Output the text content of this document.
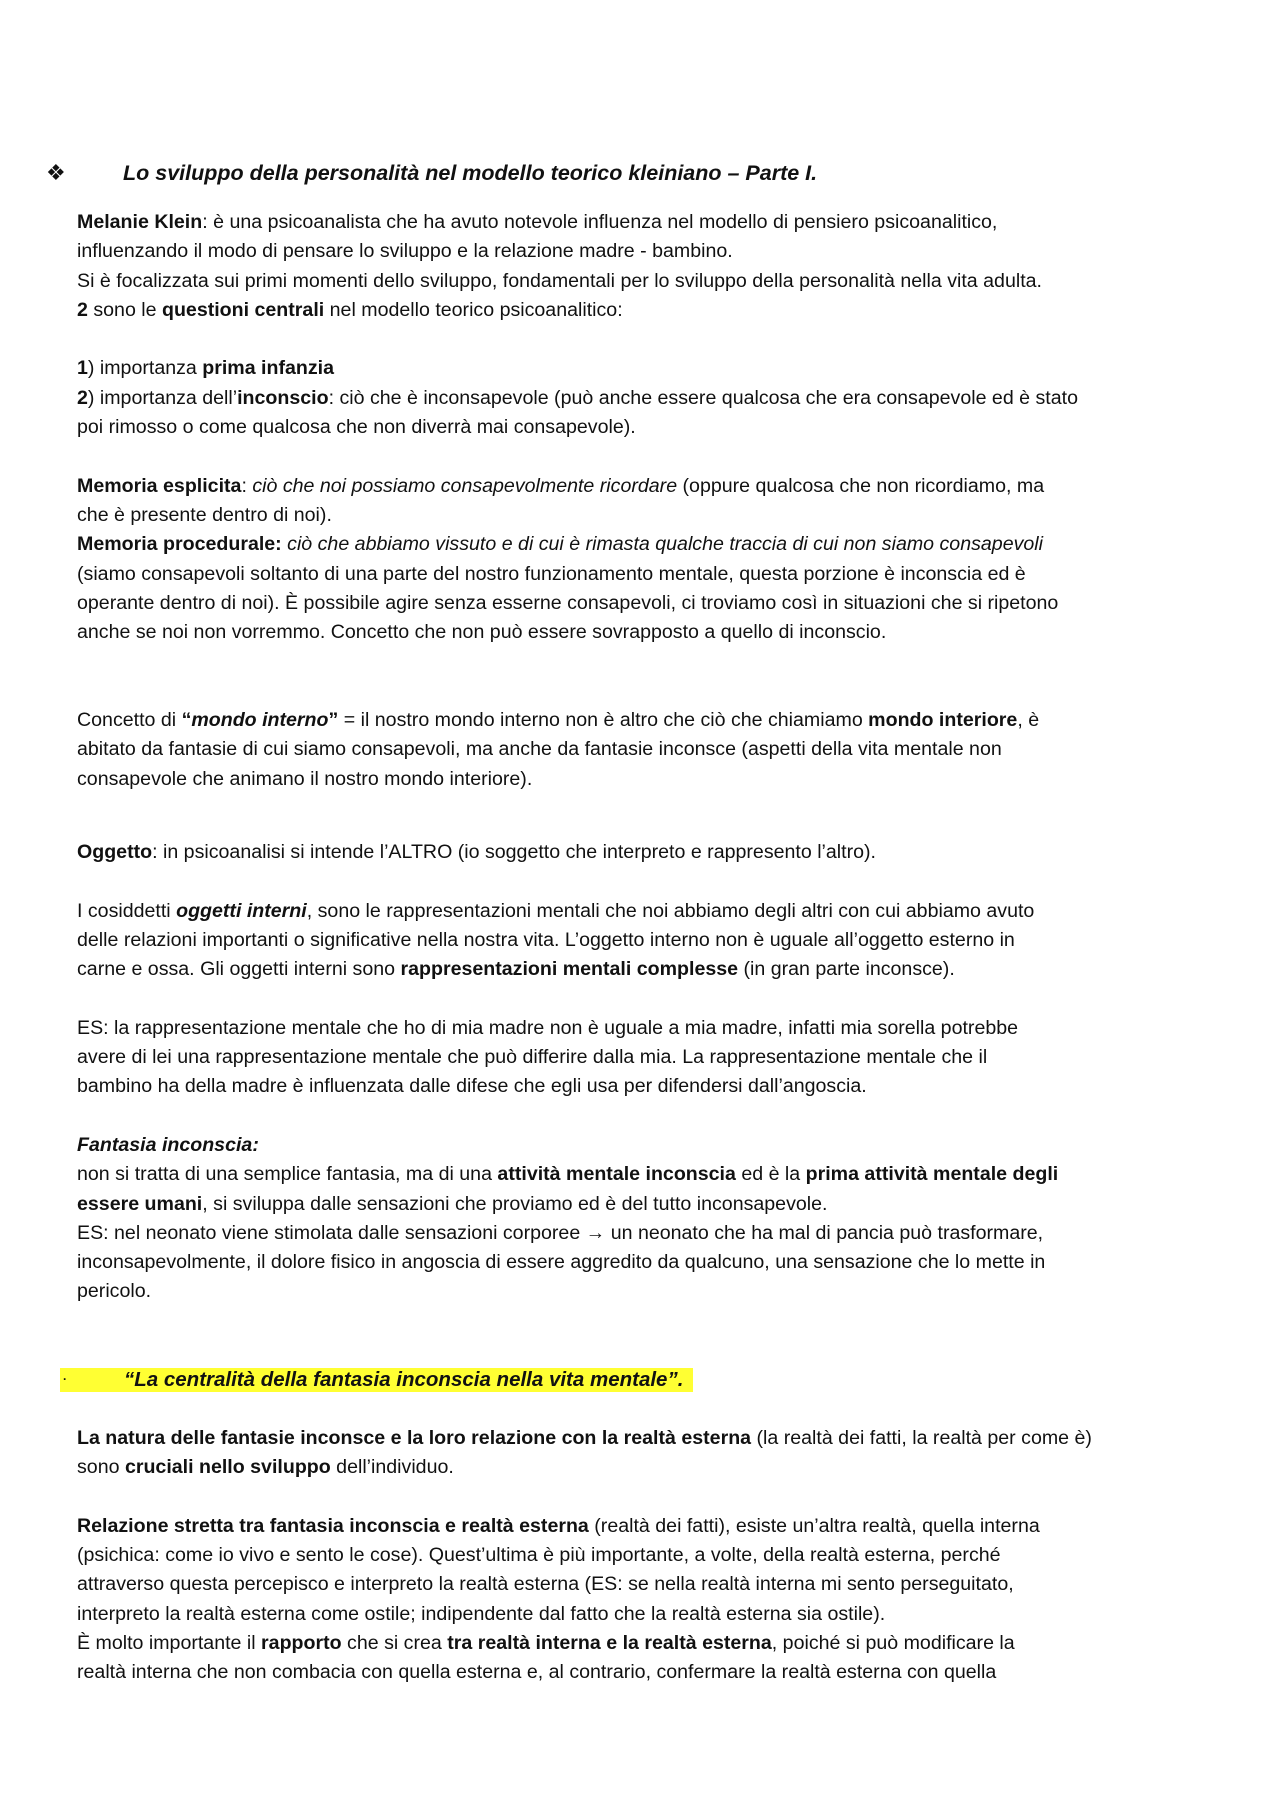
❖	Lo sviluppo della personalità nel modello teorico kleiniano – Parte I.

Melanie Klein: è una psicoanalista che ha avuto notevole influenza nel modello di pensiero psicoanalitico,

influenzando il modo di pensare lo sviluppo e la relazione madre - bambino.

Si è focalizzata sui primi momenti dello sviluppo, fondamentali per lo sviluppo della personalità nella vita adulta.

2 sono le questioni centrali nel modello teorico psicoanalitico:

1) importanza prima infanzia

2) importanza dell’inconscio: ciò che è inconsapevole (può anche essere qualcosa che era consapevole ed è stato

poi rimosso o come qualcosa che non diverrà mai consapevole).

Memoria esplicita: ciò che noi possiamo consapevolmente ricordare (oppure qualcosa che non ricordiamo, ma

che è presente dentro di noi).

Memoria procedurale: ciò che abbiamo vissuto e di cui è rimasta qualche traccia di cui non siamo consapevoli

(siamo consapevoli soltanto di una parte del nostro funzionamento mentale, questa porzione è inconscia ed è

operante dentro di noi). È possibile agire senza esserne consapevoli, ci troviamo così in situazioni che si ripetono

anche se noi non vorremmo. Concetto che non può essere sovrapposto a quello di inconscio.

Concetto di “mondo interno” = il nostro mondo interno non è altro che ciò che chiamiamo mondo interiore, è

abitato da fantasie di cui siamo consapevoli, ma anche da fantasie inconsce (aspetti della vita mentale non

consapevole che animano il nostro mondo interiore).

Oggetto: in psicoanalisi si intende l’ALTRO (io soggetto che interpreto e rappresento l’altro).

I cosiddetti oggetti interni, sono le rappresentazioni mentali che noi abbiamo degli altri con cui abbiamo avuto

delle relazioni importanti o significative nella nostra vita. L’oggetto interno non è uguale all’oggetto esterno in

carne e ossa. Gli oggetti interni sono rappresentazioni mentali complesse (in gran parte inconsce).

ES: la rappresentazione mentale che ho di mia madre non è uguale a mia madre, infatti mia sorella potrebbe

avere di lei una rappresentazione mentale che può differire dalla mia. La rappresentazione mentale che il

bambino ha della madre è influenzata dalle difese che egli usa per difendersi dall’angoscia.

Fantasia inconscia:

non si tratta di una semplice fantasia, ma di una attività mentale inconscia ed è la prima attività mentale degli

essere umani, si sviluppa dalle sensazioni che proviamo ed è del tutto inconsapevole.

ES: nel neonato viene stimolata dalle sensazioni corporee → un neonato che ha mal di pancia può trasformare,

inconsapevolmente, il dolore fisico in angoscia di essere aggredito da qualcuno, una sensazione che lo mette in

pericolo.

·	“La centralità della fantasia inconscia nella vita mentale”.

La natura delle fantasie inconsce e la loro relazione con la realtà esterna (la realtà dei fatti, la realtà per come è)

sono cruciali nello sviluppo dell’individuo.

Relazione stretta tra fantasia inconscia e realtà esterna (realtà dei fatti), esiste un’altra realtà, quella interna

(psichica: come io vivo e sento le cose). Quest’ultima è più importante, a volte, della realtà esterna, perché

attraverso questa percepisco e interpreto la realtà esterna (ES: se nella realtà interna mi sento perseguitato,

interpreto la realtà esterna come ostile; indipendente dal fatto che la realtà esterna sia ostile).

È molto importante il rapporto che si crea tra realtà interna e la realtà esterna, poiché si può modificare la

realtà interna che non combacia con quella esterna e, al contrario, confermare la realtà esterna con quella
